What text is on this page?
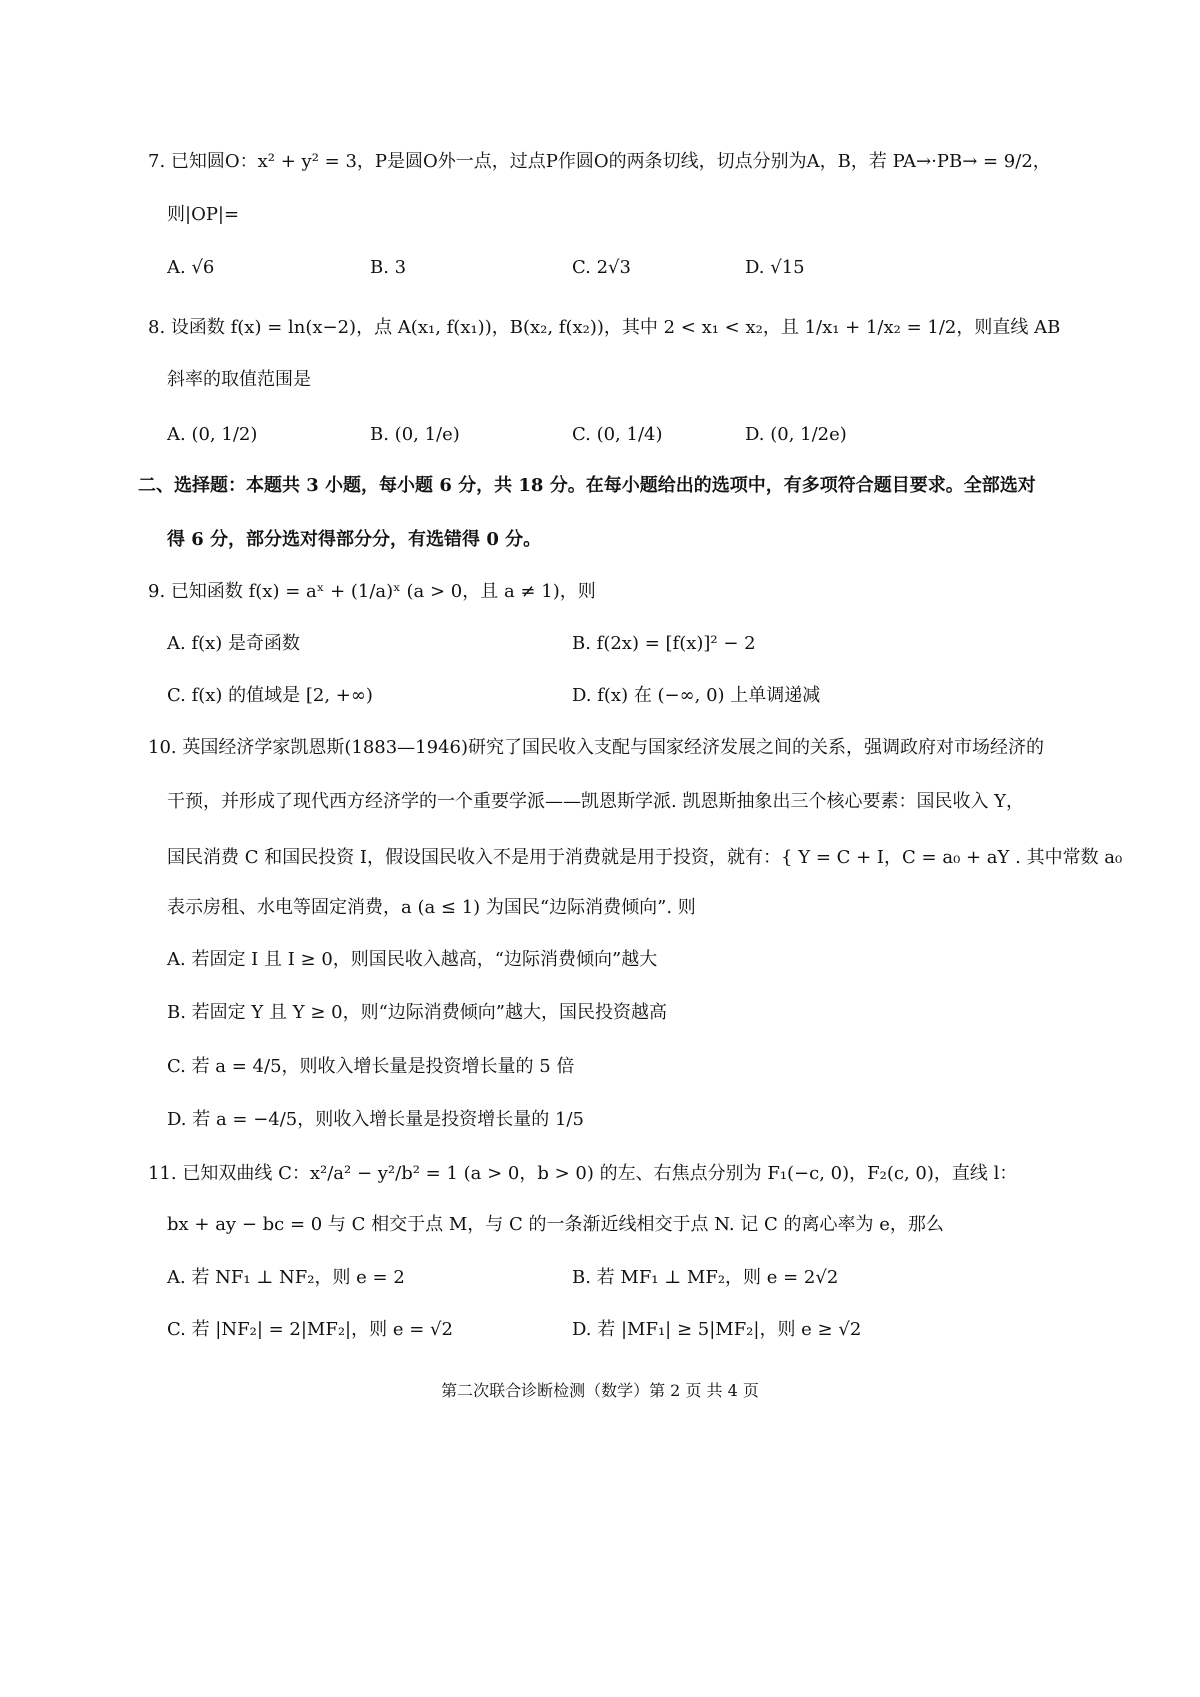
7. 已知圆O：x² + y² = 3，P是圆O外一点，过点P作圆O的两条切线，切点分别为A，B，若 PA→·PB→ = 9/2，
则|OP|=
A. √6	B. 3	C. 2√3	D. √15
8. 设函数 f(x) = ln(x−2)，点 A(x₁, f(x₁))，B(x₂, f(x₂))，其中 2 < x₁ < x₂，且 1/x₁ + 1/x₂ = 1/2，则直线 AB
斜率的取值范围是
A. (0, 1/2)	B. (0, 1/e)	C. (0, 1/4)	D. (0, 1/2e)
二、选择题：本题共 3 小题，每小题 6 分，共 18 分。在每小题给出的选项中，有多项符合题目要求。全部选对
得 6 分，部分选对得部分分，有选错得 0 分。
9. 已知函数 f(x) = aˣ + (1/a)ˣ (a > 0，且 a ≠ 1)，则
A. f(x) 是奇函数	B. f(2x) = [f(x)]² − 2
C. f(x) 的值域是 [2, +∞)	D. f(x) 在 (−∞, 0) 上单调递减
10. 英国经济学家凯恩斯(1883—1946)研究了国民收入支配与国家经济发展之间的关系，强调政府对市场经济的
干预，并形成了现代西方经济学的一个重要学派——凯恩斯学派. 凯恩斯抽象出三个核心要素：国民收入 Y，
国民消费 C 和国民投资 I，假设国民收入不是用于消费就是用于投资，就有：{ Y = C + I，C = a₀ + aY . 其中常数 a₀
表示房租、水电等固定消费，a (a ≤ 1) 为国民“边际消费倾向”. 则
A. 若固定 I 且 I ≥ 0，则国民收入越高，“边际消费倾向”越大
B. 若固定 Y 且 Y ≥ 0，则“边际消费倾向”越大，国民投资越高
C. 若 a = 4/5，则收入增长量是投资增长量的 5 倍
D. 若 a = −4/5，则收入增长量是投资增长量的 1/5
11. 已知双曲线 C：x²/a² − y²/b² = 1 (a > 0，b > 0) 的左、右焦点分别为 F₁(−c, 0)，F₂(c, 0)，直线 l：
bx + ay − bc = 0 与 C 相交于点 M，与 C 的一条渐近线相交于点 N. 记 C 的离心率为 e，那么
A. 若 NF₁ ⊥ NF₂，则 e = 2	B. 若 MF₁ ⊥ MF₂，则 e = 2√2
C. 若 |NF₂| = 2|MF₂|，则 e = √2	D. 若 |MF₁| ≥ 5|MF₂|，则 e ≥ √2
第二次联合诊断检测（数学）第 2 页 共 4 页
